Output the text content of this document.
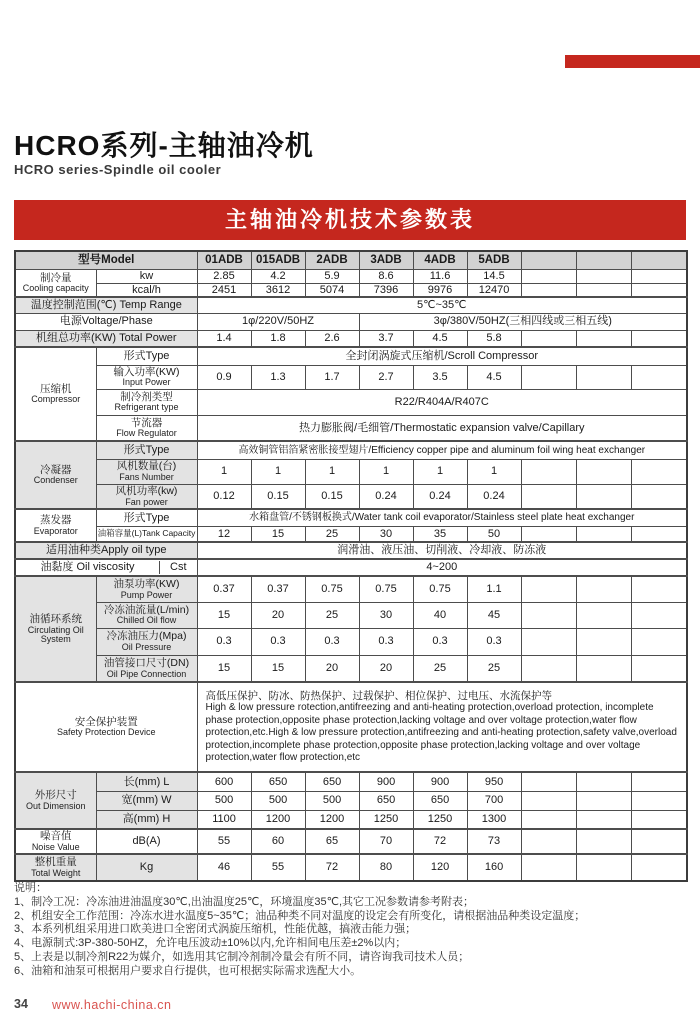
HCRO系列-主轴油冷机
HCRO series-Spindle oil cooler
主轴油冷机技术参数表
型号Model		01ADB	015ADB	2ADB	3ADB	4ADB	5ADB			

制冷量
Cooling capacity	kw	2.85	4.2	5.9	8.6	11.6	14.5			
	kcal/h	2451	3612	5074	7396	9976	12470			
温度控制范围(℃) Temp Range		5℃~35℃								
电源Voltage/Phase		1φ/220V/50HZ			3φ/380V/50HZ(三相四线或三相五线)					
机组总功率(KW) Total Power		1.4	1.8	2.6	3.7	4.5	5.8			

压缩机
Compressor	形式Type	全封闭涡旋式压缩机/Scroll Compressor								

	输入功率(KW)
Input Power	0.9	1.3	1.7	2.7	3.5	4.5			

	制冷剂类型
Refrigerant type	R22/R404A/R407C								

	节流器
Flow Regulator	热力膨胀阀/毛细管/Thermostatic expansion valve/Capillary								

冷凝器
Condenser	形式Type	高效铜管铝箔紧密胀接型翅片/Efficiency copper pipe and aluminum foil wing heat exchanger								

	风机数量(台)
Fans Number	1	1	1	1	1	1			

	风机功率(kw)
Fan power	0.12	0.15	0.15	0.24	0.24	0.24			

蒸发器
Evaporator	形式Type	水箱盘管/不锈钢板换式/Water tank coil evaporator/Stainless steel plate heat exchanger								
	油箱容量(L)Tank Capacity	12	15	25	30	35	50			
适用油种类Apply oil type		润滑油、液压油、切削液、冷却液、防冻液								

油黏度 Oil viscosity Cst		4~200								

油循环系统
Circulating Oil System

油泵功率(KW)
Pump Power	0.37	0.37	0.75	0.75	0.75	1.1			

	冷冻油流量(L/min)
Chilled Oil flow	15	20	25	30	40	45			

	冷冻油压力(Mpa)
Oil Pressure	0.3	0.3	0.3	0.3	0.3	0.3			

	油管接口尺寸(DN)
Oil Pipe Connection	15	15	20	20	25	25			

安全保护装置
Safety Protection Device

高低压保护、防冰、防热保护、过载保护、相位保护、过电压、水流保护等
High & low pressure rotection,antifreezing and anti-heating protection,overload protection, incomplete phase protection,opposite phase protection,lacking voltage and over voltage protection,water flow protection,etc.High & low pressure protection,antifreezing and anti-heating protection,safety valve,overload protection,incomplete phase protection,opposite phase protection,lacking voltage and over voltage protection,water flow protection,etc

外形尺寸
Out Dimension	长(mm) L	600	650	650	900	900	950			
	宽(mm) W	500	500	500	650	650	700			
	高(mm) H	1100	1200	1200	1250	1250	1300			

噪音值
Noise Value	dB(A)	55	60	65	70	72	73			

整机重量
Total Weight	Kg	46	55	72	80	120	160			
说明：
1、制冷工况：冷冻油进油温度30℃,出油温度25℃，环境温度35℃,其它工况参数请参考附表；
2、机组安全工作范围：冷冻水进水温度5~35℃；油品种类不同对温度的设定会有所变化，请根据油品种类设定温度；
3、本系列机组采用进口欧美进口全密闭式涡旋压缩机，性能优越，搞液击能力强；
4、电源制式:3P-380-50HZ，允许电压波动±10%以内,允许相间电压差±2%以内；
5、上表是以制冷剂R22为媒介，如选用其它制冷剂制冷量会有所不同，请咨询我司技术人员；
6、油箱和油泵可根据用户要求自行提供，也可根据实际需求选配大小。
34 www.hachi-china.cn
